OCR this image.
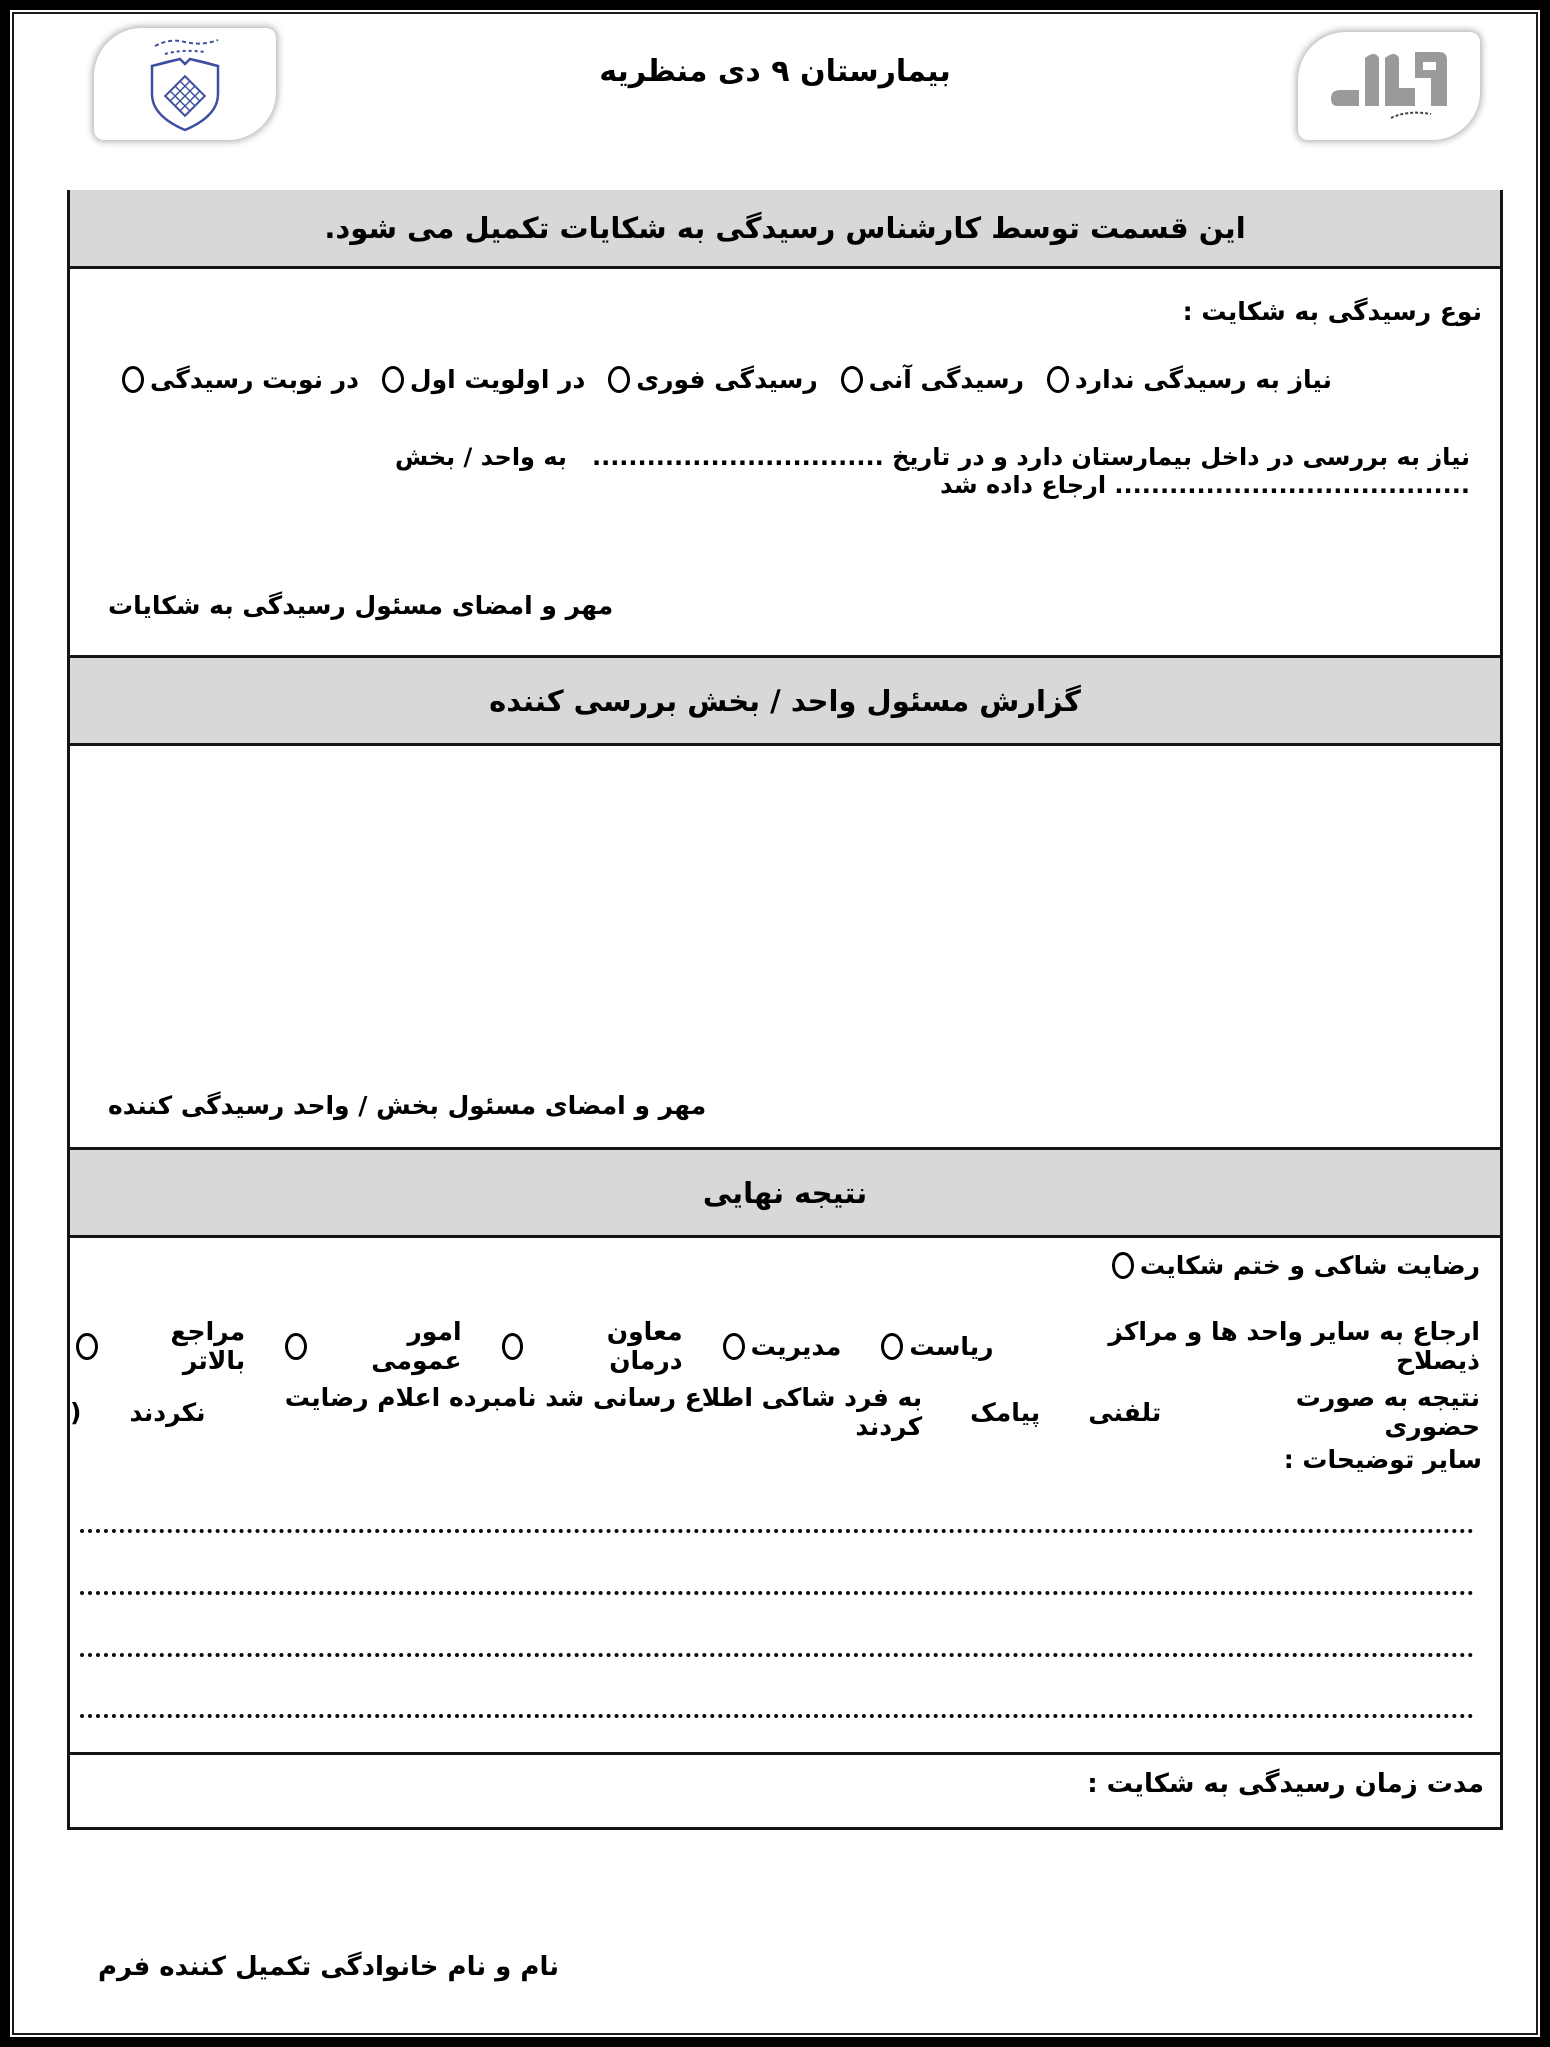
بیمارستان ۹ دی منظریه
این قسمت توسط کارشناس رسیدگی به شکایات تکمیل می شود.
نوع رسیدگی به شکایت :
نیاز به رسیدگی ندارد
رسیدگی آنی
رسیدگی فوری
در اولویت اول
در نوبت رسیدگی
نیاز به بررسی در داخل بیمارستان دارد و در تاریخ ................................   به واحد / بخش ....................................... ارجاع داده شد
مهر و امضای مسئول رسیدگی به شکایات
گزارش مسئول واحد / بخش بررسی کننده
مهر و امضای مسئول بخش / واحد رسیدگی کننده
نتیجه نهایی
رضایت شاکی و ختم شکایت
ارجاع به سایر واحد ها و مراکز ذیصلاح
ریاست
مدیریت
معاون درمان
امور عمومی
مراجع بالاتر
نتیجه به صورت حضوری
تلفنی
پیامک
به فرد شاکی اطلاع رسانی شد نامبرده اعلام رضایت کردند
نکردند
)
سایر توضیحات :
مدت زمان رسیدگی به شکایت :
نام و نام خانوادگی تکمیل کننده فرم
